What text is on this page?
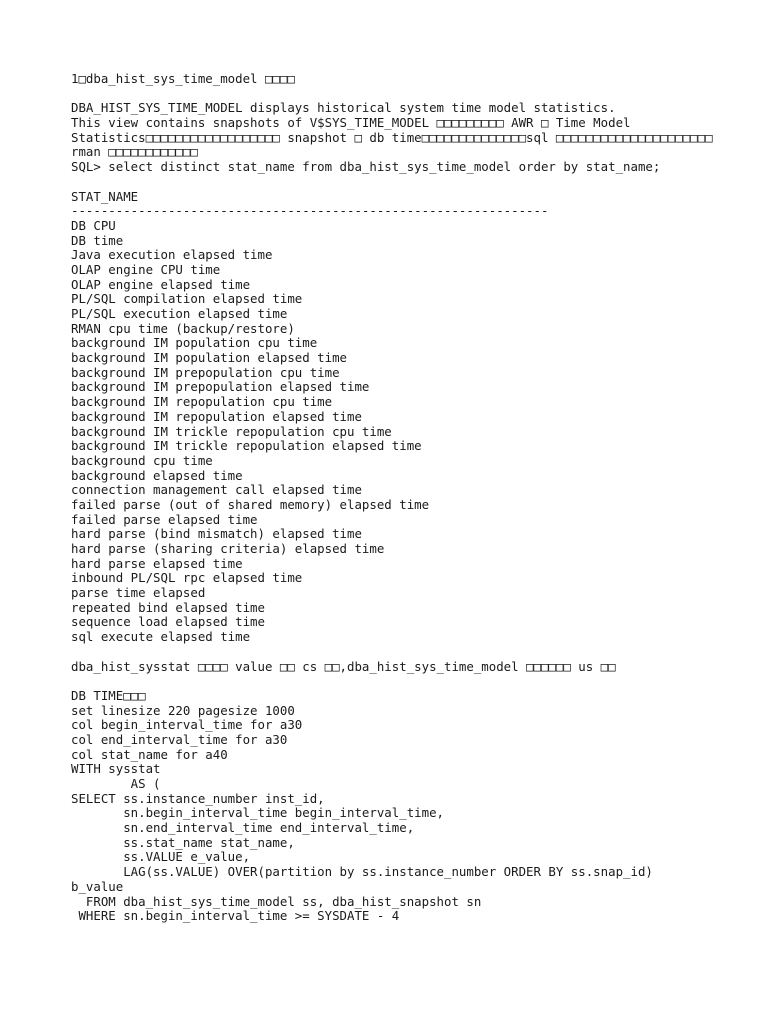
1□dba_hist_sys_time_model □□□□
DBA_HIST_SYS_TIME_MODEL displays historical system time model statistics.
This view contains snapshots of V$SYS_TIME_MODEL □□□□□□□□□ AWR □ Time Model
Statistics□□□□□□□□□□□□□□□□□□ snapshot □ db time□□□□□□□□□□□□□□sql □□□□□□□□□□□□□□□□□□□□□
rman □□□□□□□□□□□□
SQL> select distinct stat_name from dba_hist_sys_time_model order by stat_name;
STAT_NAME
----------------------------------------------------------------
DB CPU
DB time
Java execution elapsed time
OLAP engine CPU time
OLAP engine elapsed time
PL/SQL compilation elapsed time
PL/SQL execution elapsed time
RMAN cpu time (backup/restore)
background IM population cpu time
background IM population elapsed time
background IM prepopulation cpu time
background IM prepopulation elapsed time
background IM repopulation cpu time
background IM repopulation elapsed time
background IM trickle repopulation cpu time
background IM trickle repopulation elapsed time
background cpu time
background elapsed time
connection management call elapsed time
failed parse (out of shared memory) elapsed time
failed parse elapsed time
hard parse (bind mismatch) elapsed time
hard parse (sharing criteria) elapsed time
hard parse elapsed time
inbound PL/SQL rpc elapsed time
parse time elapsed
repeated bind elapsed time
sequence load elapsed time
sql execute elapsed time
dba_hist_sysstat □□□□ value □□ cs □□,dba_hist_sys_time_model □□□□□□ us □□
DB TIME□□□
set linesize 220 pagesize 1000
col begin_interval_time for a30
col end_interval_time for a30
col stat_name for a40
WITH sysstat
AS (
SELECT ss.instance_number inst_id,
sn.begin_interval_time begin_interval_time,
sn.end_interval_time end_interval_time,
ss.stat_name stat_name,
ss.VALUE e_value,
LAG(ss.VALUE) OVER(partition by ss.instance_number ORDER BY ss.snap_id)
b_value
FROM dba_hist_sys_time_model ss, dba_hist_snapshot sn
WHERE sn.begin_interval_time >= SYSDATE - 4
